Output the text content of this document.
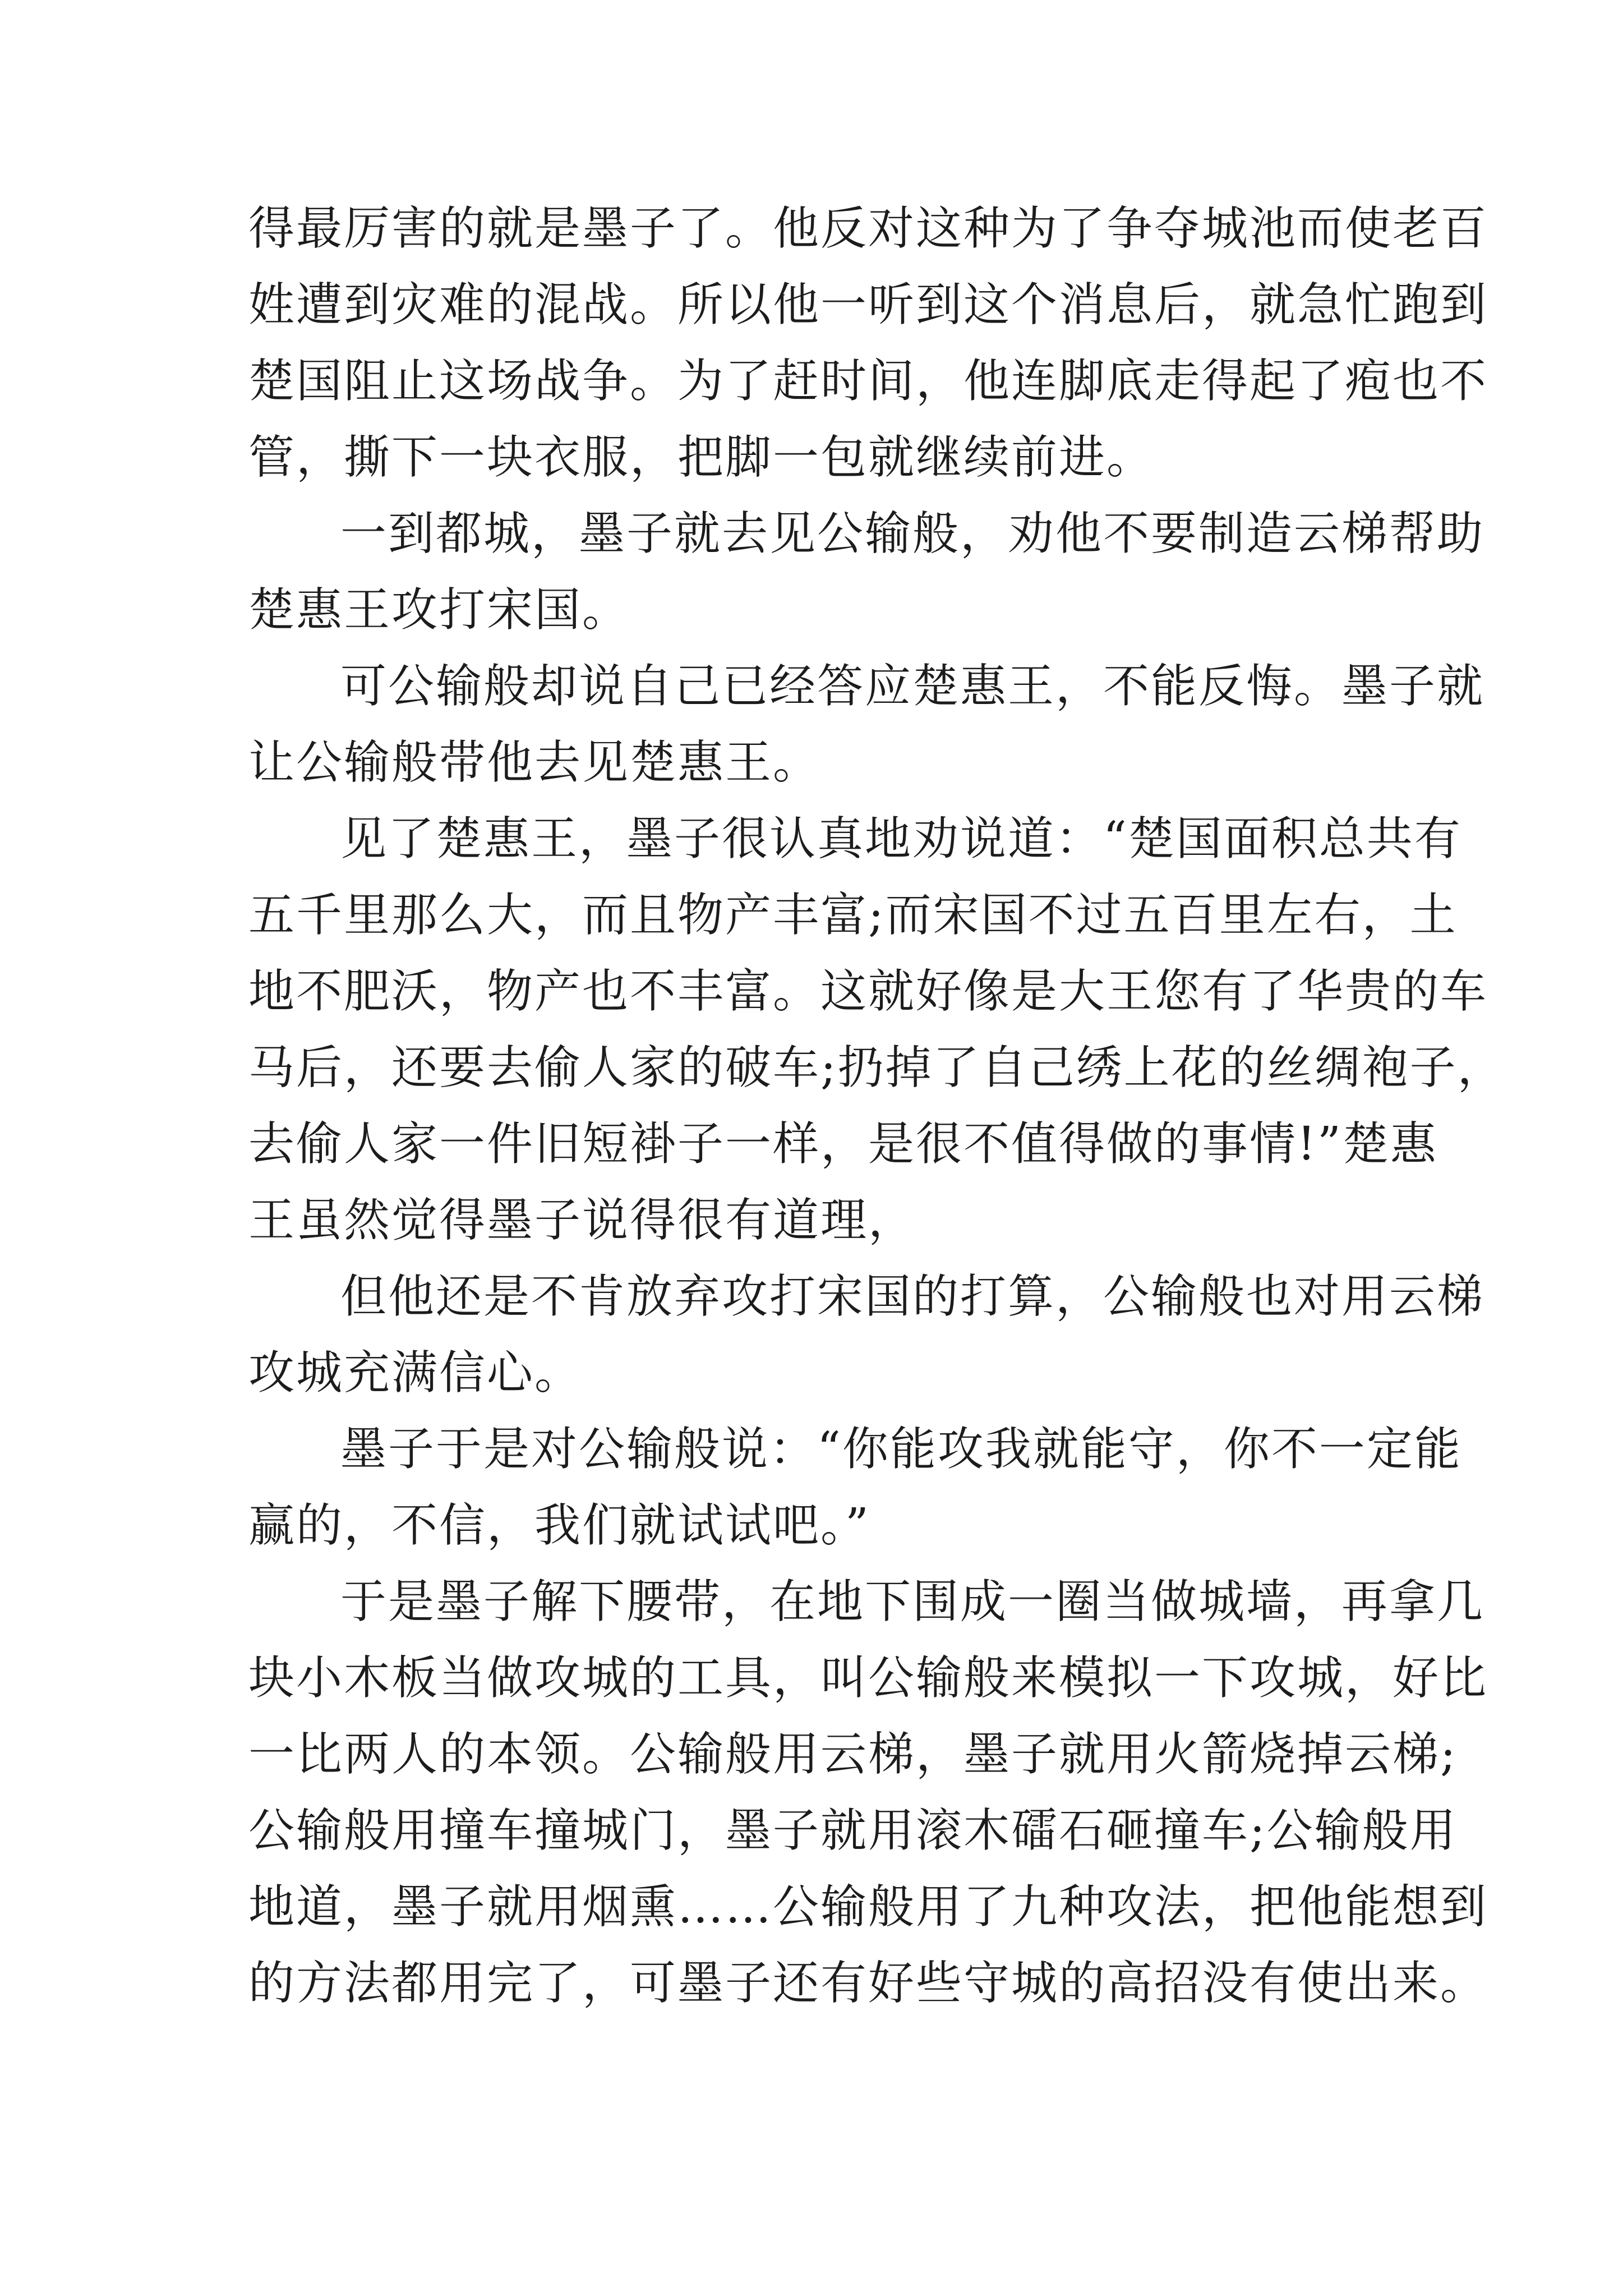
得最厉害的就是墨子了。他反对这种为了争夺城池而使老百
姓遭到灾难的混战。所以他一听到这个消息后，就急忙跑到
楚国阻止这场战争。为了赶时间，他连脚底走得起了疱也不
管，撕下一块衣服，把脚一包就继续前进。
一到都城，墨子就去见公输般，劝他不要制造云梯帮助
楚惠王攻打宋国。
可公输般却说自己已经答应楚惠王，不能反悔。墨子就
让公输般带他去见楚惠王。
见了楚惠王，墨子很认真地劝说道：“楚国面积总共有
五千里那么大，而且物产丰富;而宋国不过五百里左右，土
地不肥沃，物产也不丰富。这就好像是大王您有了华贵的车
马后，还要去偷人家的破车;扔掉了自己绣上花的丝绸袍子，
去偷人家一件旧短褂子一样，是很不值得做的事情!”楚惠
王虽然觉得墨子说得很有道理，
但他还是不肯放弃攻打宋国的打算，公输般也对用云梯
攻城充满信心。
墨子于是对公输般说：“你能攻我就能守，你不一定能
赢的，不信，我们就试试吧。”
于是墨子解下腰带，在地下围成一圈当做城墙，再拿几
块小木板当做攻城的工具，叫公输般来模拟一下攻城，好比
一比两人的本领。公输般用云梯，墨子就用火箭烧掉云梯;
公输般用撞车撞城门，墨子就用滚木礌石砸撞车;公输般用
地道，墨子就用烟熏……公输般用了九种攻法，把他能想到
的方法都用完了，可墨子还有好些守城的高招没有使出来。
